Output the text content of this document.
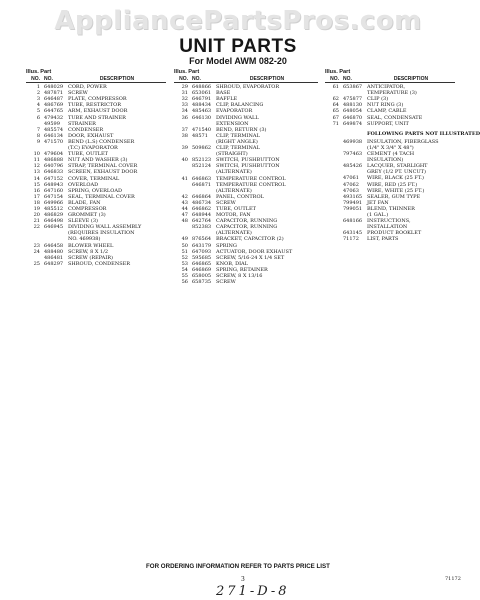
AppliancePartsPros.com
UNIT PARTS
For Model AWM 082-20
Illus. Part
NO. NO.	DESCRIPTION
1 648029 CORD, POWER
2 487871 SCREW
3 646487 PLATE, COMPRESSOR
4 486769 TUBE, RESTRICTOR
5 644765 ARM, EXHAUST DOOR
6 479432 TUBE AND STRAINER
49599	STRAINER
7 485574 CONDENSER
8 646134 DOOR, EXHAUST
9 471570 BEND (L.S) CONDENSER
(T.C) EVAPORATOR
10 479604 TUBE, OUTLET
11 486888 NUT AND WASHER (3)
12 640796 STRAP, TERMINAL COVER
13 646833 SCREEN, EXHAUST DOOR
14 647152 COVER, TERMINAL
15 648943 OVERLOAD
16 647160 SPRING, OVERLOAD
17 647154 SEAL, TERMINAL COVER
18 649966 BLADE, FAN
19 485512 COMPRESSOR
20 486829 GROMMET (3)
21 646498 SLEEVE (3)
22 646945 DIVIDING WALL ASSEMBLY
(REQUIRES INSULATION
NO. 469938)
23 646458 BLOWER WHEEL
24 488480 SCREW, 8 X 1/2
486481 SCREW (REPAIR)
25 648297 SHROUD, CONDENSER
Illus. Part
NO. NO.	DESCRIPTION
29 648866 SHROUD, EVAPORATOR
31 653061 BASE
32 646791 BAFFLE
33 488434 CLIP, BALANCING
34 485463 EVAPORATOR
36 646130 DIVIDING WALL
EXTENSION
37 471540 BEND, RETURN (3)
38 48571	CLIP, TERMINAL
(RIGHT ANGLE)
39 509862 CLIP, TERMINAL
(STRAIGHT)
40 852123 SWITCH, PUSHBUTTON
852124 SWITCH, PUSHBUTTON
(ALTERNATE)
41 646863 TEMPERATURE CONTROL
646871 TEMPERATURE CONTROL
(ALTERNATE)
42 646864 PANEL, CONTROL
43 486734 SCREW
44 646862 TUBE, OUTLET
47 648944 MOTOR, FAN
48 642764 CAPACITOR, RUNNING
852383 CAPACITOR, RUNNING
(ALTERNATE)
49 876564 BRACKET, CAPACITOR (2)
50 643179 SPRING
51 647093 ACTUATOR, DOOR EXHAUST
52 595685 SCREW, 5/16-24 X 1/4 SET
53 646865 KNOB, DIAL
54 646869 SPRING, RETAINER
55 658005 SCREW, 8 X 13/16
56 658735 SCREW
Illus. Part
NO. NO.	DESCRIPTION
61 653867 ANTICIPATOR,
TEMPERATURE (3)
62 475877 CLIP (3)
64 488130 NUT RING (3)
65 648054 CLAMP, CABLE
67 646870 SEAL, CONDENSATE
71 649874 SUPPORT, UNIT
FOLLOWING PARTS NOT ILLUSTRATED
469938 INSULATION, FIBERGLASS
(1/4" X 3/4" X 48")
797463 CEMENT (4 TACH
INSULATION)
485426 LACQUER, STARLIGHT
GREY (1/2 PT. UNCUT)
47061	WIRE, BLACK (25 FT.)
47062	WIRE, RED (25 FT.)
47063	WIRE, WHITE (25 FT.)
493165 SEALER, GUM TYPE
799491 JET FAN
799051 BLEND, THINNER
(1 GAL.)
648166 INSTRUCTIONS,
INSTALLATION
643145 PRODUCT BOOKLET
71172	LIST, PARTS
FOR ORDERING INFORMATION REFER TO PARTS PRICE LIST
3	71172
271-D-8
